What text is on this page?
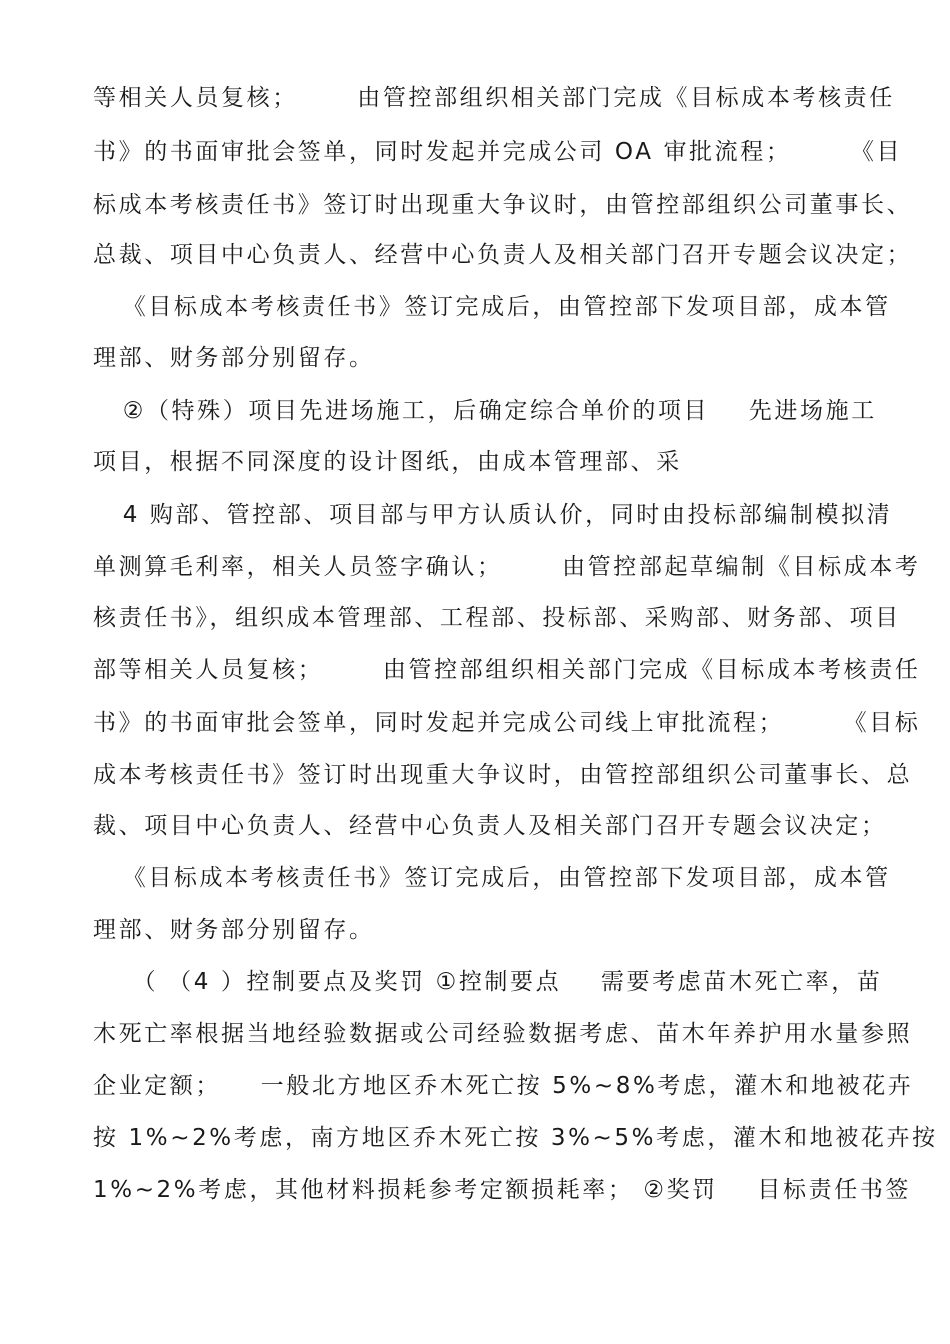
等相关人员复核；      由管控部组织相关部门完成《目标成本考核责任
书》的书面审批会签单，同时发起并完成公司 OA 审批流程；      《目
标成本考核责任书》签订时出现重大争议时，由管控部组织公司董事长、
总裁、项目中心负责人、经营中心负责人及相关部门召开专题会议决定；
《目标成本考核责任书》签订完成后，由管控部下发项目部，成本管
理部、财务部分别留存。
②（特殊）项目先进场施工，后确定综合单价的项目    先进场施工
项目，根据不同深度的设计图纸，由成本管理部、采
4 购部、管控部、项目部与甲方认质认价，同时由投标部编制模拟清
单测算毛利率，相关人员签字确认；      由管控部起草编制《目标成本考
核责任书》，组织成本管理部、工程部、投标部、采购部、财务部、项目
部等相关人员复核；      由管控部组织相关部门完成《目标成本考核责任
书》的书面审批会签单，同时发起并完成公司线上审批流程；      《目标
成本考核责任书》签订时出现重大争议时，由管控部组织公司董事长、总
裁、项目中心负责人、经营中心负责人及相关部门召开专题会议决定；
《目标成本考核责任书》签订完成后，由管控部下发项目部，成本管
理部、财务部分别留存。
（ （4 ）控制要点及奖罚 ①控制要点    需要考虑苗木死亡率，苗
木死亡率根据当地经验数据或公司经验数据考虑、苗木年养护用水量参照
企业定额；    一般北方地区乔木死亡按 5%~8%考虑，灌木和地被花卉
按 1%~2%考虑，南方地区乔木死亡按 3%~5%考虑，灌木和地被花卉按
1%~2%考虑，其他材料损耗参考定额损耗率； ②奖罚    目标责任书签
